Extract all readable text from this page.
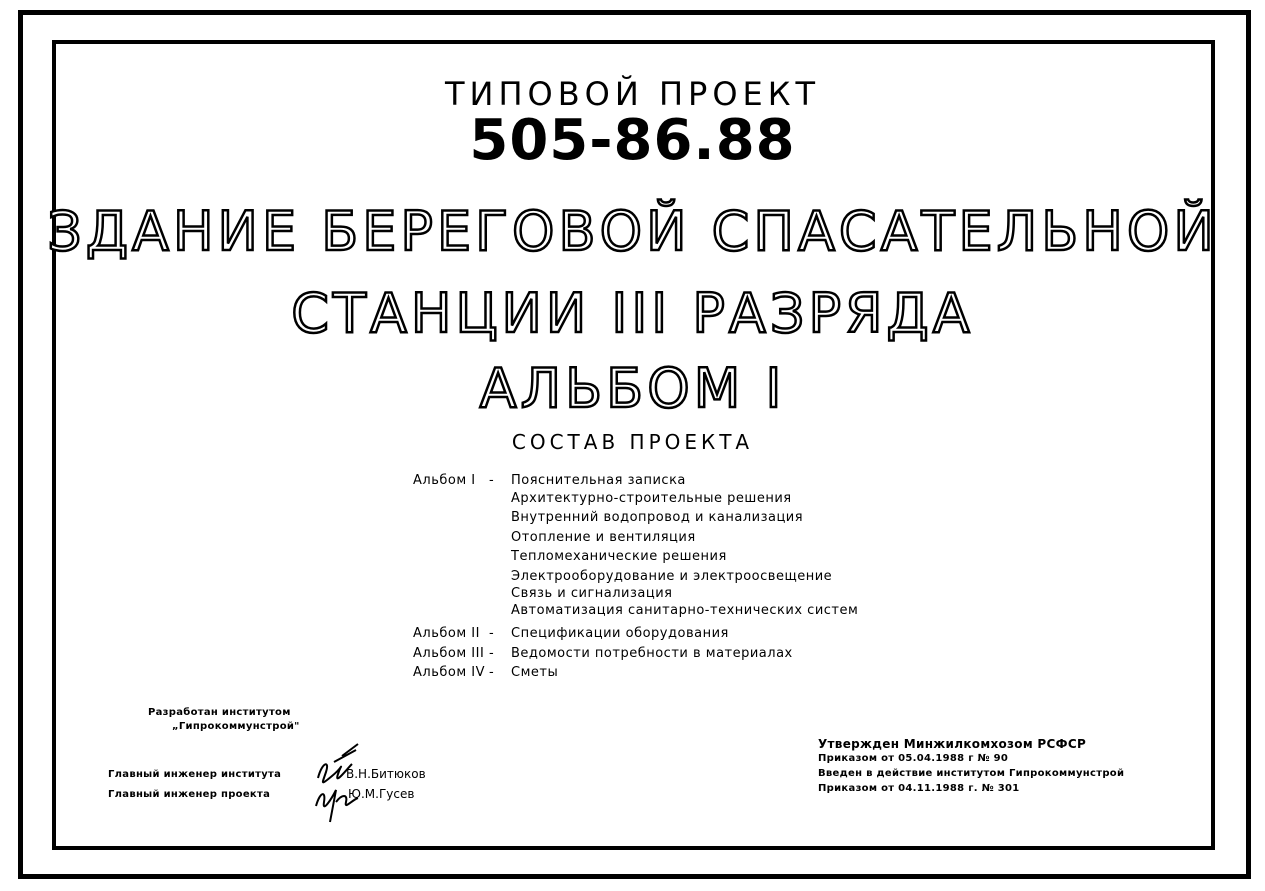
ТИПОВОЙ ПРОЕКТ
505-86.88
ЗДАНИЕ БЕРЕГОВОЙ СПАСАТЕЛЬНОЙ
СТАНЦИИ III РАЗРЯДА
АЛЬБОМ I
СОСТАВ ПРОЕКТА
Альбом I - Пояснительная записка
Архитектурно-строительные решения
Внутренний водопровод и канализация
Отопление и вентиляция
Тепломеханические решения
Электрооборудование и электроосвещение
Связь и сигнализация
Автоматизация санитарно-технических систем
Альбом II - Спецификации оборудования
Альбом III - Ведомости потребности в материалах
Альбом IV - Сметы
Разработан институтом
„Гипрокоммунстрой"
Главный инженер института	В.Н.Битюков
Главный инженер проекта	Ю.М.Гусев
Утвержден Минжилкомхозом РСФСР
Приказом от 05.04.1988 г № 90
Введен в действие институтом Гипрокоммунстрой
Приказом от 04.11.1988 г. № 301
